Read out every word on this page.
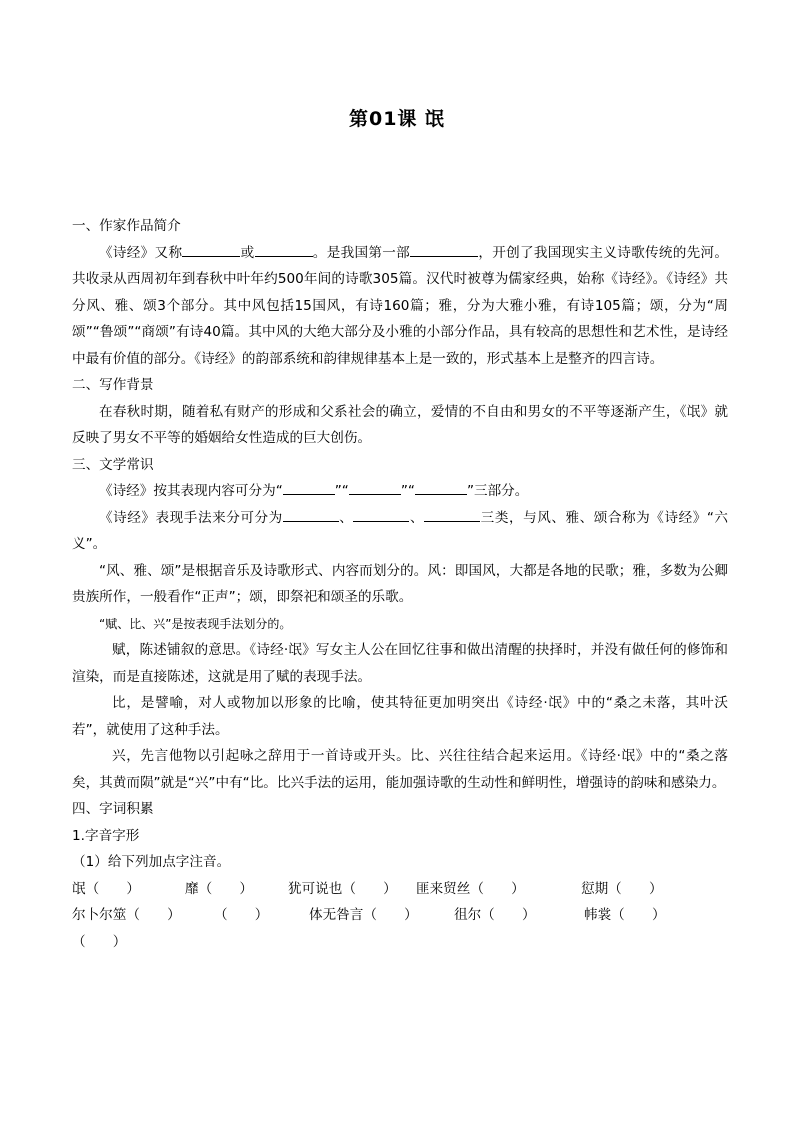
第01课 氓

一、作家作品简介

《诗经》又称	或	。是我国第一部	，开创了我国现实主义诗歌传统的先河。共收录从西周初年到春秋中叶年约500年间的诗歌305篇。汉代时被尊为儒家经典，始称《诗经》。《诗经》共分风、雅、颂3个部分。其中风包括15国风，有诗160篇；雅，分为大雅小雅，有诗105篇；颂，分为“周颂”“鲁颂”“商颂”有诗40篇。其中风的大绝大部分及小雅的小部分作品，具有较高的思想性和艺术性，是诗经中最有价值的部分。《诗经》的韵部系统和韵律规律基本上是一致的，形式基本上是整齐的四言诗。

二、写作背景

在春秋时期，随着私有财产的形成和父系社会的确立，爱情的不自由和男女的不平等逐渐产生，《氓》就反映了男女不平等的婚姻给女性造成的巨大创伤。

三、文学常识

《诗经》按其表现内容可分为“	”“	”“	”三部分。

《诗经》表现手法来分可分为	、	、	三类，与风、雅、颂合称为《诗经》“六义”。

“风、雅、颂”是根据音乐及诗歌形式、内容而划分的。风：即国风，大都是各地的民歌；雅，多数为公卿贵族所作，一般看作“正声”；颂，即祭祀和颂圣的乐歌。

“赋、比、兴”是按表现手法划分的。

赋，陈述铺叙的意思。《诗经·氓》写女主人公在回忆往事和做出清醒的抉择时，并没有做任何的修饰和渲染，而是直接陈述，这就是用了赋的表现手法。

比，是譬喻，对人或物加以形象的比喻，使其特征更加明突出《诗经·氓》中的“桑之未落，其叶沃若”，就使用了这种手法。

兴，先言他物以引起咏之辞用于一首诗或开头。比、兴往往结合起来运用。《诗经·氓》中的“桑之落矣，其黄而陨”就是“兴”中有“比。比兴手法的运用，能加强诗歌的生动性和鲜明性，增强诗的韵味和感染力。

四、字词积累

1.字音字形

（1）给下列加点字注音。

氓（　　）	靡（　　）	犹可说也（　　）	匪来贸丝（　　）	愆期（　　）
尔卜尔筮（　　）	（　　）	体无咎言（　　）	徂尔（　　）	帏裳（　　）
（　　）
